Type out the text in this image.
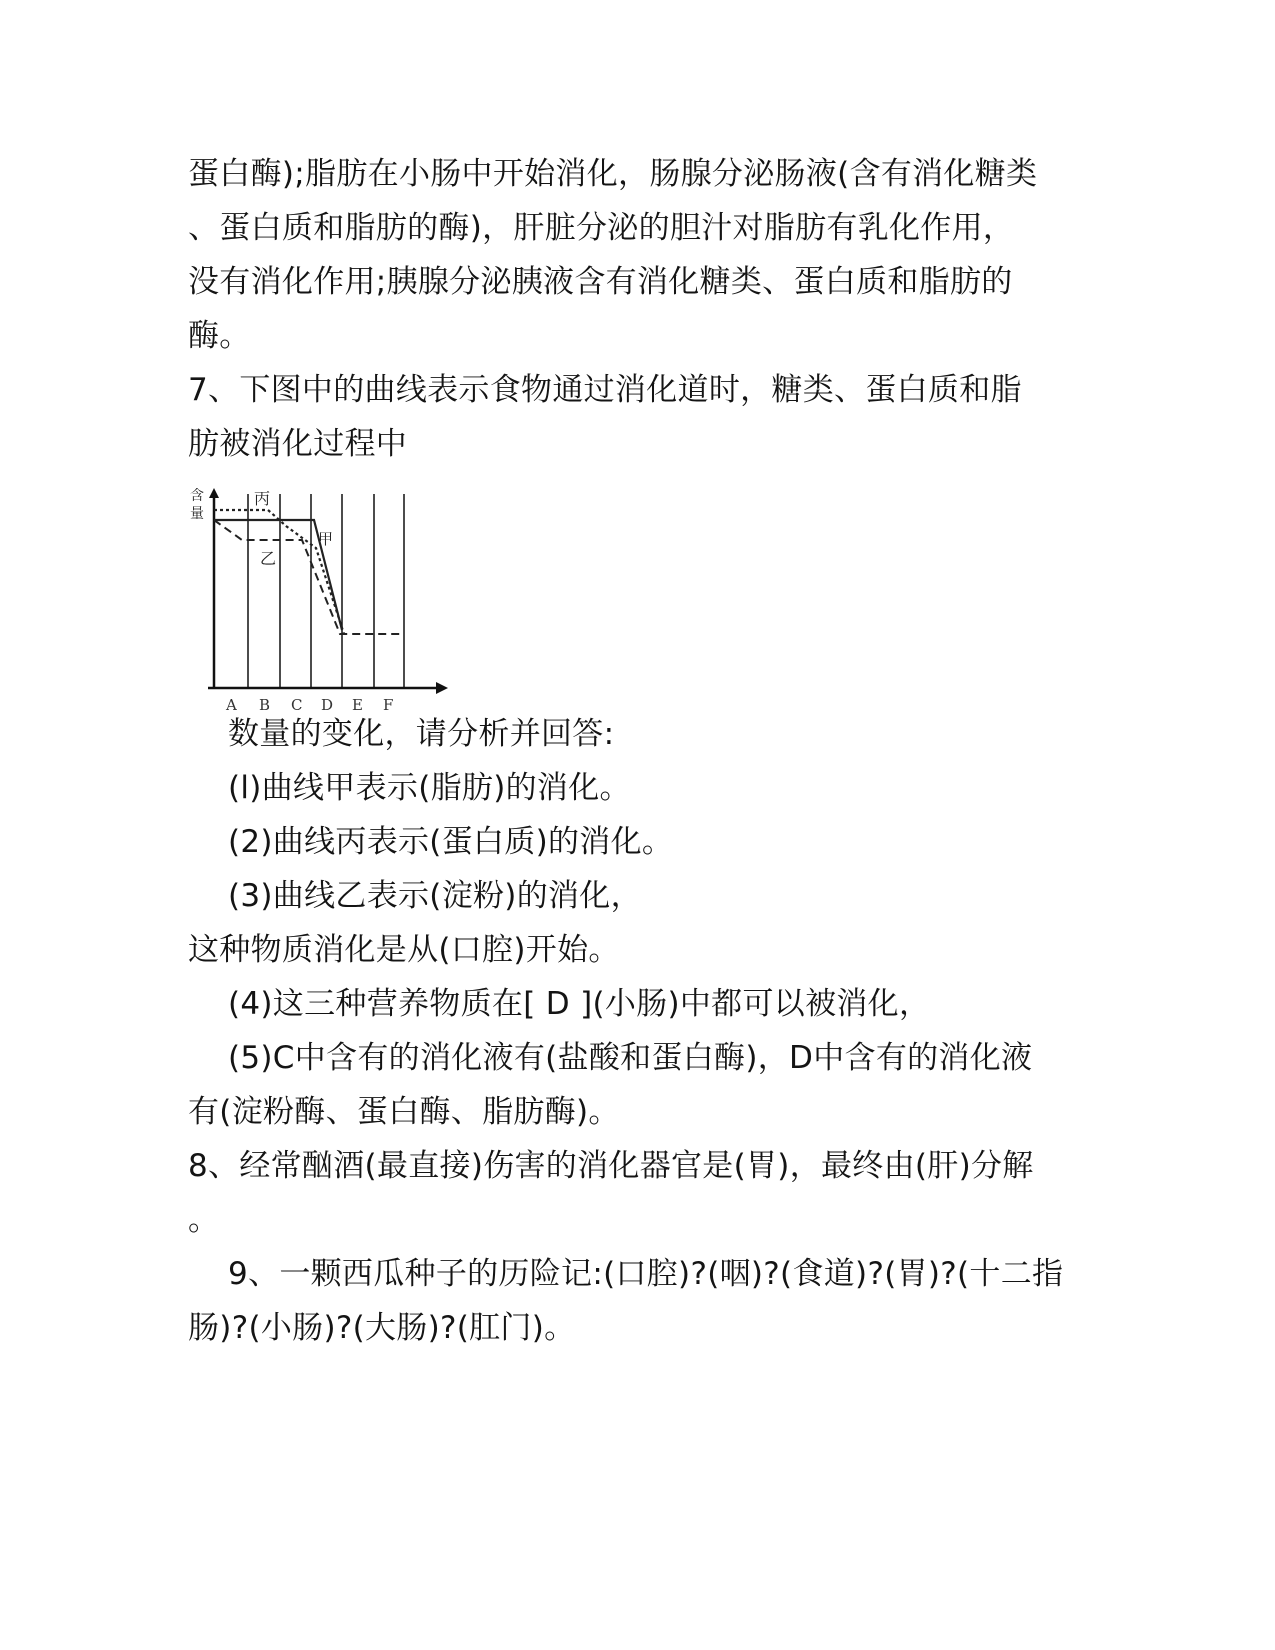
蛋白酶);脂肪在小肠中开始消化，肠腺分泌肠液(含有消化糖类
、蛋白质和脂肪的酶)，肝脏分泌的胆汁对脂肪有乳化作用，
没有消化作用;胰腺分泌胰液含有消化糖类、蛋白质和脂肪的
酶。
7、下图中的曲线表示食物通过消化道时，糖类、蛋白质和脂
肪被消化过程中
含
量
丙
乙
甲
A B C D E F
数量的变化，请分析并回答:
(l)曲线甲表示(脂肪)的消化。
(2)曲线丙表示(蛋白质)的消化。
(3)曲线乙表示(淀粉)的消化，
这种物质消化是从(口腔)开始。
(4)这三种营养物质在[ D ](小肠)中都可以被消化，
(5)C中含有的消化液有(盐酸和蛋白酶)，D中含有的消化液
有(淀粉酶、蛋白酶、脂肪酶)。
8、经常酗酒(最直接)伤害的消化器官是(胃)，最终由(肝)分解
。
9、一颗西瓜种子的历险记:(口腔)?(咽)?(食道)?(胃)?(十二指
肠)?(小肠)?(大肠)?(肛门)。
